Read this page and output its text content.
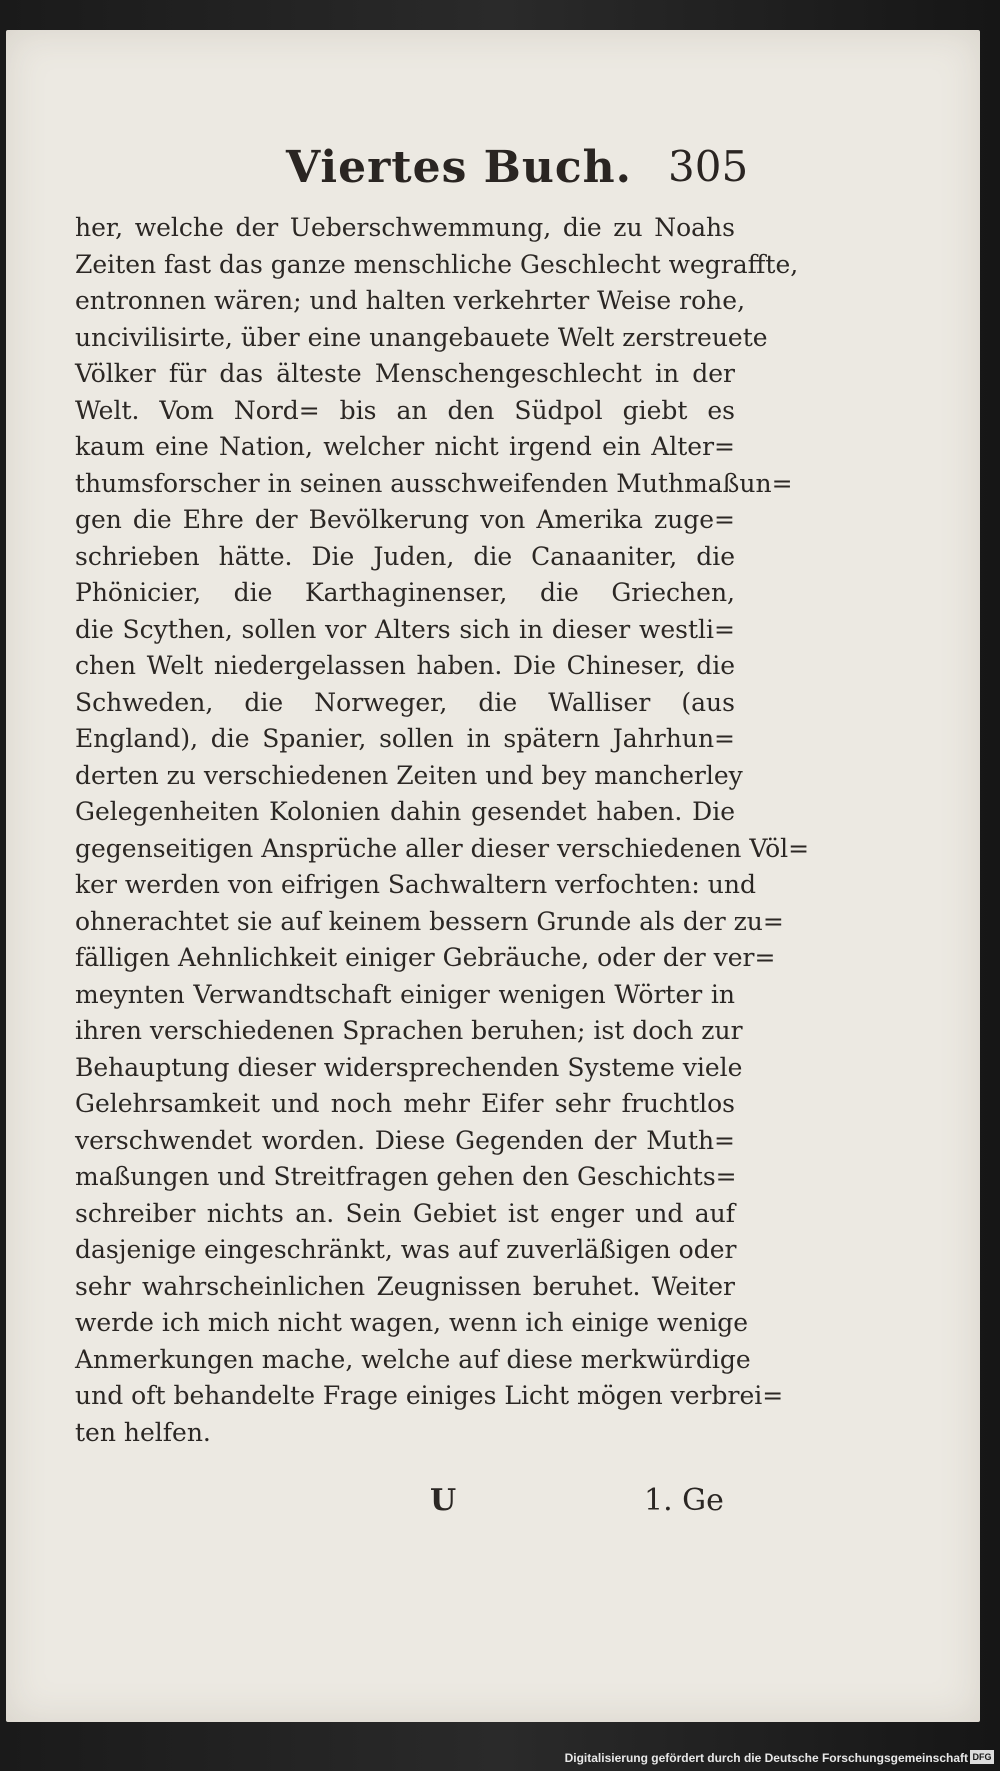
Viertes Buch. 305
her, welche der Ueberschwemmung, die zu Noahs
Zeiten fast das ganze menschliche Geschlecht wegraffte,
entronnen wären; und halten verkehrter Weise rohe,
uncivilisirte, über eine unangebauete Welt zerstreuete
Völker für das älteste Menschengeschlecht in der
Welt. Vom Nord= bis an den Südpol giebt es
kaum eine Nation, welcher nicht irgend ein Alter=
thumsforscher in seinen ausschweifenden Muthmaßun=
gen die Ehre der Bevölkerung von Amerika zuge=
schrieben hätte. Die Juden, die Canaaniter, die
Phönicier, die Karthaginenser, die Griechen,
die Scythen, sollen vor Alters sich in dieser westli=
chen Welt niedergelassen haben. Die Chineser, die
Schweden, die Norweger, die Walliser (aus
England), die Spanier, sollen in spätern Jahrhun=
derten zu verschiedenen Zeiten und bey mancherley
Gelegenheiten Kolonien dahin gesendet haben. Die
gegenseitigen Ansprüche aller dieser verschiedenen Völ=
ker werden von eifrigen Sachwaltern verfochten: und
ohnerachtet sie auf keinem bessern Grunde als der zu=
fälligen Aehnlichkeit einiger Gebräuche, oder der ver=
meynten Verwandtschaft einiger wenigen Wörter in
ihren verschiedenen Sprachen beruhen; ist doch zur
Behauptung dieser widersprechenden Systeme viele
Gelehrsamkeit und noch mehr Eifer sehr fruchtlos
verschwendet worden. Diese Gegenden der Muth=
maßungen und Streitfragen gehen den Geschichts=
schreiber nichts an. Sein Gebiet ist enger und auf
dasjenige eingeschränkt, was auf zuverläßigen oder
sehr wahrscheinlichen Zeugnissen beruhet. Weiter
werde ich mich nicht wagen, wenn ich einige wenige
Anmerkungen mache, welche auf diese merkwürdige
und oft behandelte Frage einiges Licht mögen verbrei=
ten helfen.
U	1. Ge
Digitalisierung gefördert durch die Deutsche Forschungsgemeinschaft DFG
